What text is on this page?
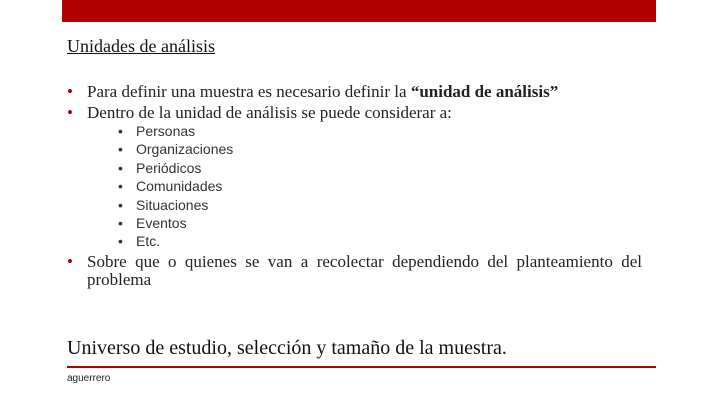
Unidades de análisis
• Para definir una muestra es necesario definir la “unidad de análisis”
• Dentro de la unidad de análisis se puede considerar a:
• Personas
• Organizaciones
• Periódicos
• Comunidades
• Situaciones
• Eventos
• Etc.
• Sobre que o quienes se van a recolectar dependiendo del planteamiento del problema
Universo de estudio, selección y tamaño de la muestra.
aguerrero
